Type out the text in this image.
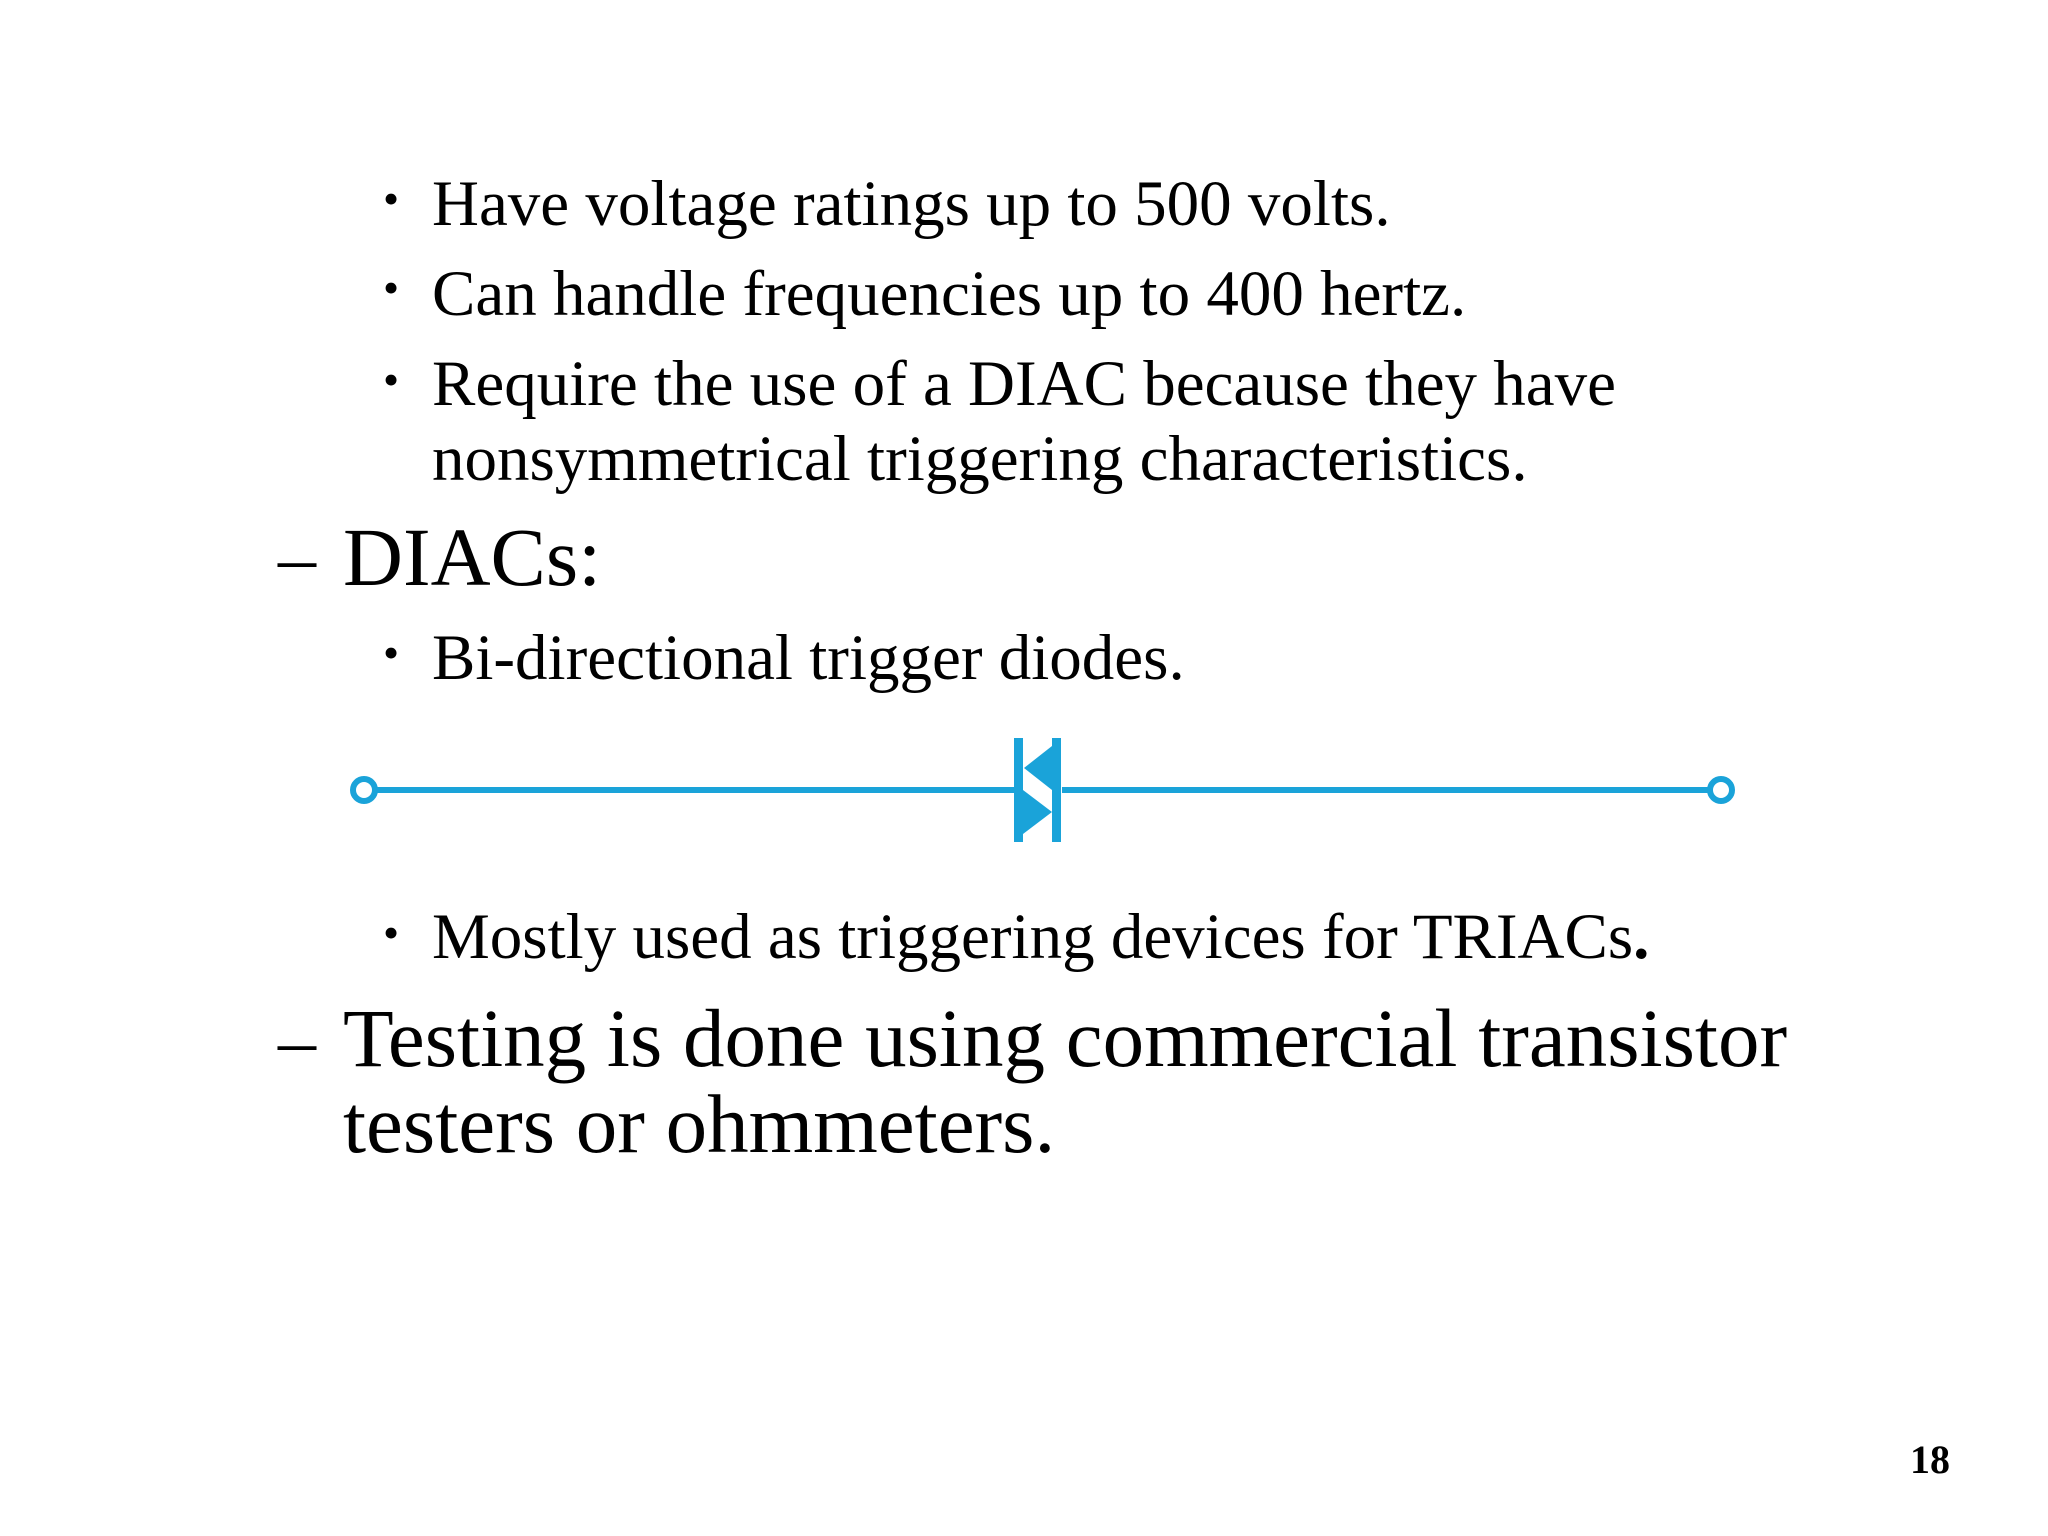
• Have voltage ratings up to 500 volts.
• Can handle frequencies up to 400 hertz.
• Require the use of a DIAC because they have
nonsymmetrical triggering characteristics.
– DIACs:
• Bi-directional trigger diodes.
• Mostly used as triggering devices for TRIACs.
– Testing is done using commercial transistor
testers or ohmmeters.
18
